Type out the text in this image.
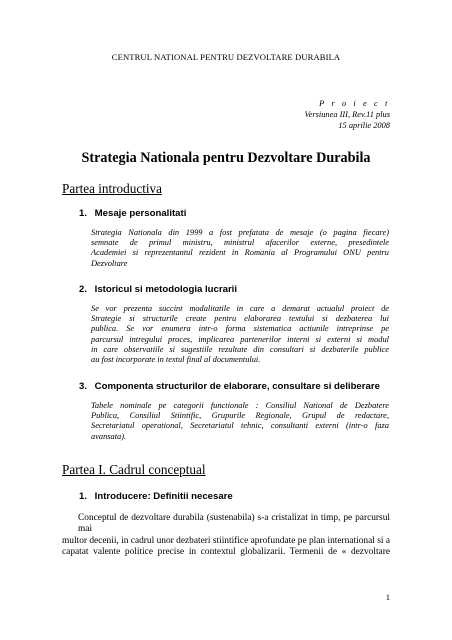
CENTRUL NATIONAL PENTRU DEZVOLTARE DURABILA
P r o i e c t
Versiunea III, Rev.11 plus
15 aprilie 2008
Strategia Nationala pentru Dezvoltare Durabila
Partea introductiva
1. Mesaje personalitati
Strategia Nationala din 1999 a fost prefatata de mesaje (o pagina fiecare)
semnate de primul ministru, ministrul afacerilor externe, presedintele
Academiei si reprezentantul rezident in Romania al Programului ONU pentru
Dezvoltare
2. Istoricul si metodologia lucrarii
Se vor prezenta succint modalitatile in care a demarat actualul proiect de
Strategie si structurile create pentru elaborarea textului si dezbaterea lui
publica. Se vor enumera intr-o forma sistematica actiunile intreprinse pe
parcursul intregului proces, implicarea partenerilor interni si externi si modul
in care observatiile si sugestiile rezultate din consultari si dezbaterile publice
au fost incorporate in textul final al documentului.
3. Componenta structurilor de elaborare, consultare si deliberare
Tabele nominale pe categorii functionale : Consiliul National de Dezbatere
Publica, Consiliul Stiintific, Grupurile Regionale, Grupul de redactare,
Secretariatul operational, Secretariatul tehnic, consultanti externi (intr-o faza
avansata).
Partea I. Cadrul conceptual
1. Introducere: Definitii necesare
Conceptul de dezvoltare durabila (sustenabila) s-a cristalizat in timp, pe parcursul mai
multor decenii, in cadrul unor dezbateri stiintifice aprofundate pe plan international si a
capatat valente politice precise in contextul globalizarii. Termenii de « dezvoltare
1
